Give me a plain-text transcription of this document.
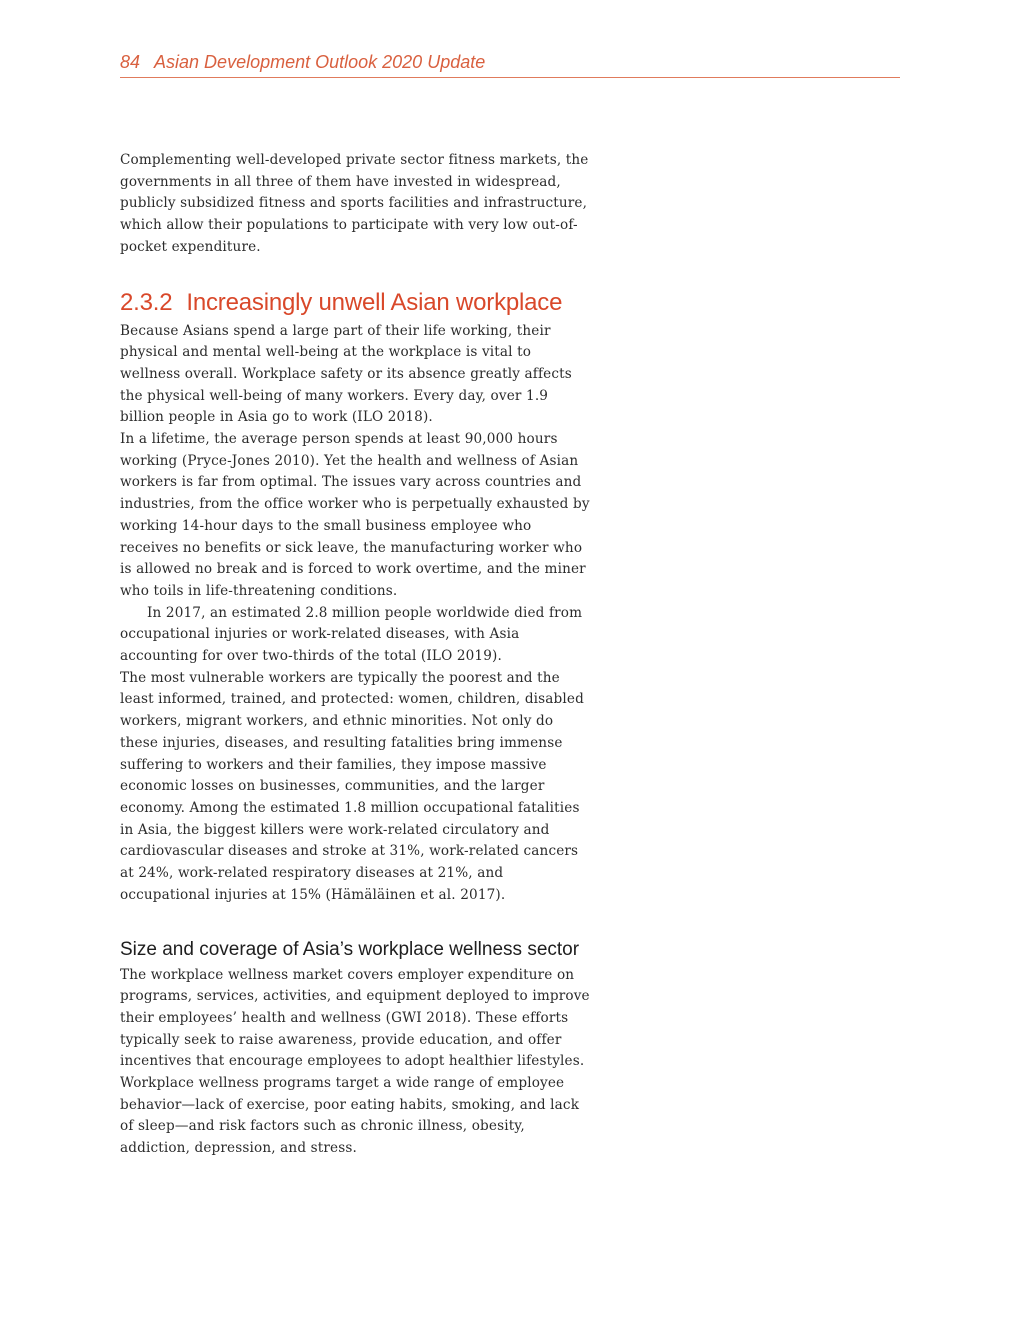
84 Asian Development Outlook 2020 Update

Complementing well-developed private sector fitness markets, the governments in all three of them have invested in widespread, publicly subsidized fitness and sports facilities and infrastructure, which allow their populations to participate with very low out-of-pocket expenditure.

2.3.2 Increasingly unwell Asian workplace

Because Asians spend a large part of their life working, their physical and mental well-being at the workplace is vital to wellness overall. Workplace safety or its absence greatly affects the physical well-being of many workers. Every day, over 1.9 billion people in Asia go to work (ILO 2018).

In a lifetime, the average person spends at least 90,000 hours working (Pryce-Jones 2010). Yet the health and wellness of Asian workers is far from optimal. The issues vary across countries and industries, from the office worker who is perpetually exhausted by working 14-hour days to the small business employee who receives no benefits or sick leave, the manufacturing worker who is allowed no break and is forced to work overtime, and the miner who toils in life-threatening conditions.

In 2017, an estimated 2.8 million people worldwide died from occupational injuries or work-related diseases, with Asia accounting for over two-thirds of the total (ILO 2019).

The most vulnerable workers are typically the poorest and the least informed, trained, and protected: women, children, disabled workers, migrant workers, and ethnic minorities. Not only do these injuries, diseases, and resulting fatalities bring immense suffering to workers and their families, they impose massive economic losses on businesses, communities, and the larger economy. Among the estimated 1.8 million occupational fatalities in Asia, the biggest killers were work-related circulatory and cardiovascular diseases and stroke at 31%, work-related cancers at 24%, work-related respiratory diseases at 21%, and occupational injuries at 15% (Hämäläinen et al. 2017).

Size and coverage of Asia’s workplace wellness sector

The workplace wellness market covers employer expenditure on programs, services, activities, and equipment deployed to improve their employees’ health and wellness (GWI 2018). These efforts typically seek to raise awareness, provide education, and offer incentives that encourage employees to adopt healthier lifestyles. Workplace wellness programs target a wide range of employee behavior—lack of exercise, poor eating habits, smoking, and lack of sleep—and risk factors such as chronic illness, obesity, addiction, depression, and stress.
